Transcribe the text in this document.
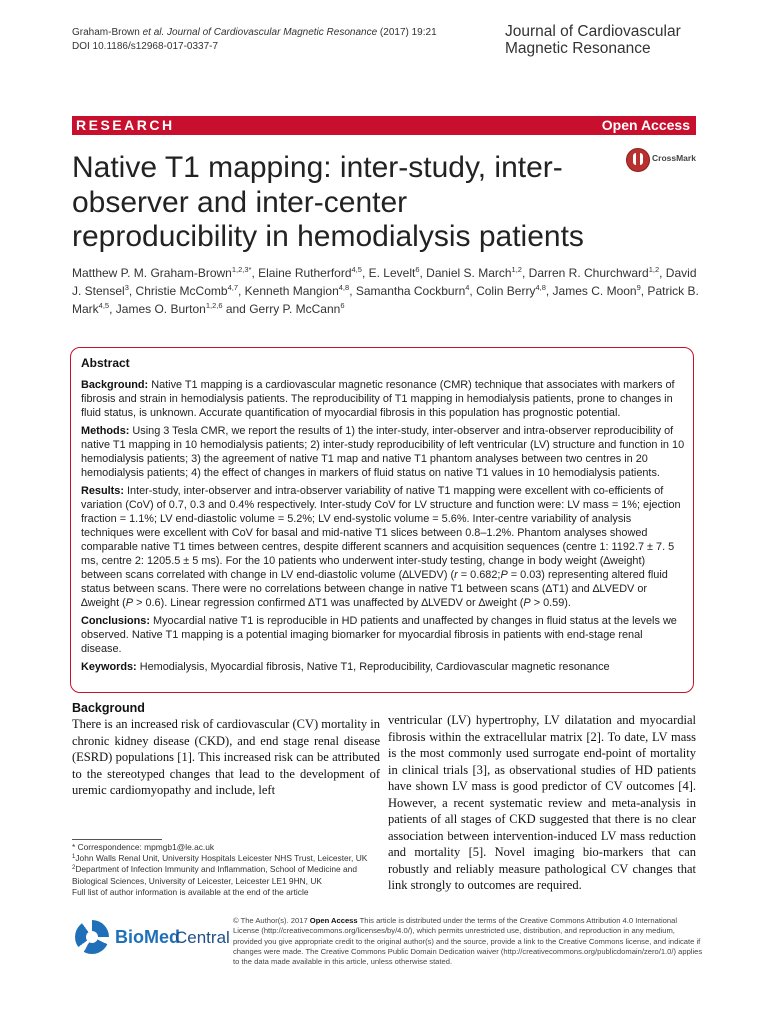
Graham-Brown et al. Journal of Cardiovascular Magnetic Resonance (2017) 19:21
DOI 10.1186/s12968-017-0337-7
Journal of Cardiovascular
Magnetic Resonance
RESEARCH	Open Access
Native T1 mapping: inter-study, inter-observer and inter-center reproducibility in hemodialysis patients
CrossMark
Matthew P. M. Graham-Brown$^{1,2,3*}$, Elaine Rutherford$^{4,5}$, E. Levelt$^6$, Daniel S. March$^{1,2}$, Darren R. Churchward$^{1,2}$, David J. Stensel$^3$, Christie McComb$^{4,7}$, Kenneth Mangion$^{4,8}$, Samantha Cockburn$^4$, Colin Berry$^{4,8}$, James C. Moon$^9$, Patrick B. Mark$^{4,5}$, James O. Burton$^{1,2,6}$ and Gerry P. McCann$^6$
Abstract

Background: Native T1 mapping is a cardiovascular magnetic resonance (CMR) technique that associates with markers of fibrosis and strain in hemodialysis patients. The reproducibility of T1 mapping in hemodialysis patients, prone to changes in fluid status, is unknown. Accurate quantification of myocardial fibrosis in this population has prognostic potential.

Methods: Using 3 Tesla CMR, we report the results of 1) the inter-study, inter-observer and intra-observer reproducibility of native T1 mapping in 10 hemodialysis patients; 2) inter-study reproducibility of left ventricular (LV) structure and function in 10 hemodialysis patients; 3) the agreement of native T1 map and native T1 phantom analyses between two centres in 20 hemodialysis patients; 4) the effect of changes in markers of fluid status on native T1 values in 10 hemodialysis patients.

Results: Inter-study, inter-observer and intra-observer variability of native T1 mapping were excellent with co-efficients of variation (CoV) of 0.7, 0.3 and 0.4% respectively. Inter-study CoV for LV structure and function were: LV mass = 1%; ejection fraction = 1.1%; LV end-diastolic volume = 5.2%; LV end-systolic volume = 5.6%. Inter-centre variability of analysis techniques were excellent with CoV for basal and mid-native T1 slices between 0.8–1.2%. Phantom analyses showed comparable native T1 times between centres, despite different scanners and acquisition sequences (centre 1: 1192.7 ± 7. 5 ms, centre 2: 1205.5 ± 5 ms). For the 10 patients who underwent inter-study testing, change in body weight (∆weight) between scans correlated with change in LV end-diastolic volume (∆LVEDV) (r = 0.682;P = 0.03) representing altered fluid status between scans. There were no correlations between change in native T1 between scans (∆T1) and ∆LVEDV or ∆weight (P > 0.6). Linear regression confirmed ∆T1 was unaffected by ∆LVEDV or ∆weight (P > 0.59).

Conclusions: Myocardial native T1 is reproducible in HD patients and unaffected by changes in fluid status at the levels we observed. Native T1 mapping is a potential imaging biomarker for myocardial fibrosis in patients with end-stage renal disease.

Keywords: Hemodialysis, Myocardial fibrosis, Native T1, Reproducibility, Cardiovascular magnetic resonance

Background

There is an increased risk of cardiovascular (CV) mortality in chronic kidney disease (CKD), and end stage renal disease (ESRD) populations [1]. This increased risk can be attributed to the stereotyped changes that lead to the development of uremic cardiomyopathy and include, left

ventricular (LV) hypertrophy, LV dilatation and myocardial fibrosis within the extracellular matrix [2]. To date, LV mass is the most commonly used surrogate end-point of mortality in clinical trials [3], as observational studies of HD patients have shown LV mass is good predictor of CV outcomes [4]. However, a recent systematic review and meta-analysis in patients of all stages of CKD suggested that there is no clear association between intervention-induced LV mass reduction and mortality [5]. Novel imaging bio-markers that can robustly and reliably measure pathological CV changes that link strongly to outcomes are required.

* Correspondence: mpmgb1@le.ac.uk
$^1$John Walls Renal Unit, University Hospitals Leicester NHS Trust, Leicester, UK
$^2$Department of Infection Immunity and Inflammation, School of Medicine and Biological Sciences, University of Leicester, Leicester LE1 9HN, UK
Full list of author information is available at the end of the article
BioMed
Central
© The Author(s). 2017 Open Access This article is distributed under the terms of the Creative Commons Attribution 4.0 International License (http://creativecommons.org/licenses/by/4.0/), which permits unrestricted use, distribution, and reproduction in any medium, provided you give appropriate credit to the original author(s) and the source, provide a link to the Creative Commons license, and indicate if changes were made. The Creative Commons Public Domain Dedication waiver (http://creativecommons.org/publicdomain/zero/1.0/) applies to the data made available in this article, unless otherwise stated.
